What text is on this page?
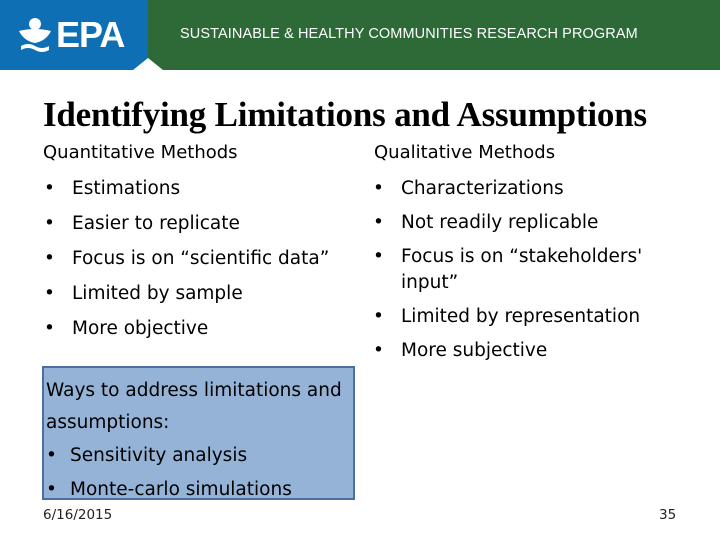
EPA	SUSTAINABLE & HEALTHY COMMUNITIES RESEARCH PROGRAM
Identifying Limitations and Assumptions
Quantitative Methods	Qualitative Methods
• Estimations
• Easier to replicate
• Focus is on “scientific data”
• Limited by sample
• More objective
• Characterizations
• Not readily replicable
• Focus is on “stakeholders' input”
• Limited by representation
• More subjective
Ways to address limitations and
assumptions:
• Sensitivity analysis
• Monte-carlo simulations
6/16/2015	35
